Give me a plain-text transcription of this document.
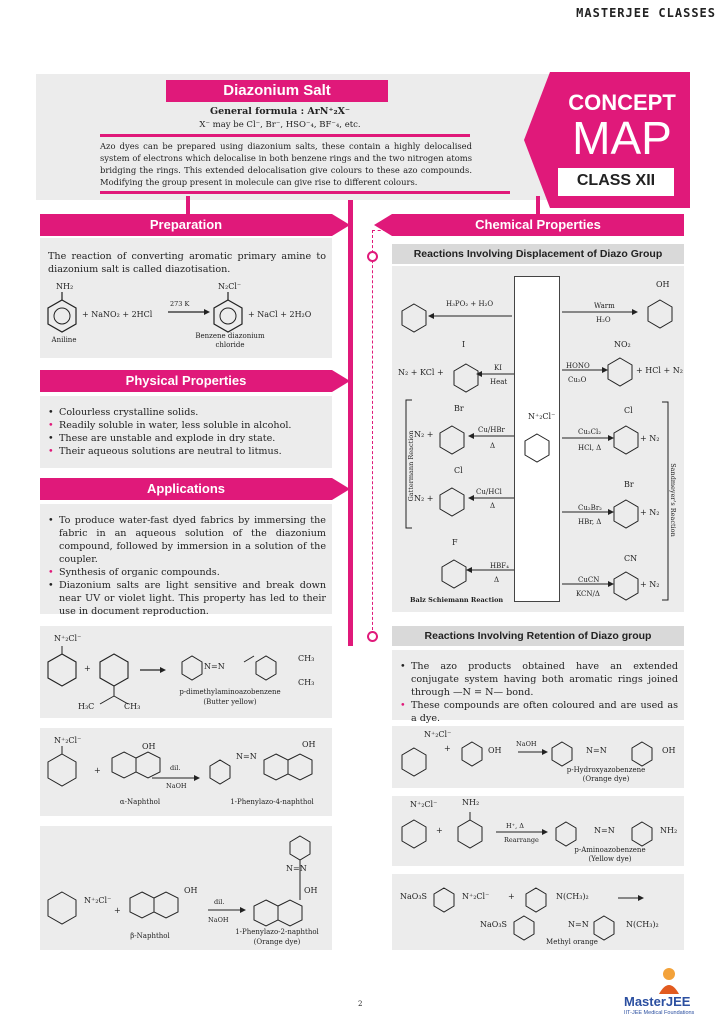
MASTERJEE CLASSES
Diazonium Salt
General formula : ArN⁺₂X⁻
X⁻ may be Cl⁻, Br⁻, HSO⁻₄, BF⁻₄, etc.
Azo dyes can be prepared using diazonium salts, these contain a highly delocalised system of electrons which delocalise in both benzene rings and the two nitrogen atoms bridging the rings. This extended delocalisation give colours to these azo compounds. Modifying the group present in molecule can give rise to different colours.
CONCEPT
MAP
CLASS XII
Preparation
The reaction of converting aromatic primary amine to diazonium salt is called diazotisation.
NH₂
+ NaNO₂ + 2HCl
273 K
N₂Cl⁻
+ NaCl + 2H₂O
Aniline	Benzene diazonium chloride
Physical Properties
• Colourless crystalline solids.
• Readily soluble in water, less soluble in alcohol.
• These are unstable and explode in dry state.
• Their aqueous solutions are neutral to litmus.
Applications
• To produce water-fast dyed fabrics by immersing the fabric in an aqueous solution of the diazonium compound, followed by immersion in a solution of the coupler.
• Synthesis of organic compounds.
• Diazonium salts are light sensitive and break down near UV or violet light. This property has led to their use in document reproduction.
N⁺₂Cl⁻
+
H₃C	CH₃
N=N
CH₃
CH₃
p-dimethylaminoazobenzene
(Butter yellow)
N⁺₂Cl⁻
+
OH
dil.
NaOH
N=N
OH
α-Naphthol	1-Phenylazo-4-naphthol
N⁺₂Cl⁻
+
OH
dil.
NaOH
N=N
OH
β-Naphthol	1-Phenylazo-2-naphthol
(Orange dye)
Chemical Properties
Reactions Involving Displacement of Diazo Group
N⁺₂Cl⁻
H₃PO₂ + H₂O	Warm
H₂O
OH
KI
Heat
N₂ + KCl +
I
HONO
Cu₂O
NO₂
+ HCl + N₂
Cu/HBr
Δ
Br
N₂ +	Cu₂Cl₂
HCl, Δ
Cl
+ N₂
Cu/HCl
Δ
Cl
N₂ +
Cu₂Br₂
HBr, Δ
Br
+ N₂
HBF₄
Δ
F
CuCN
KCN/Δ
CN
+ N₂
Gattermann Reaction	Sandmeyer's Reaction
Balz Schiemann Reaction
Reactions Involving Retention of Diazo group
• The azo products obtained have an extended conjugate system having both aromatic rings joined through —N = N— bond.
• These compounds are often coloured and are used as a dye.
N⁺₂Cl⁻
+	OH
NaOH
N=N	OH
p-Hydroxyazobenzene
(Orange dye)
N⁺₂Cl⁻
+
NH₂
H⁺, Δ
Rearrange
N=N	NH₂
p-Aminoazobenzene
(Yellow dye)
NaO₃S	N⁺₂Cl⁻ +	N(CH₃)₂
NaO₃S	N=N	N(CH₃)₂
Methyl orange
2	MasterJEE
IIT-JEE Medical Foundations
